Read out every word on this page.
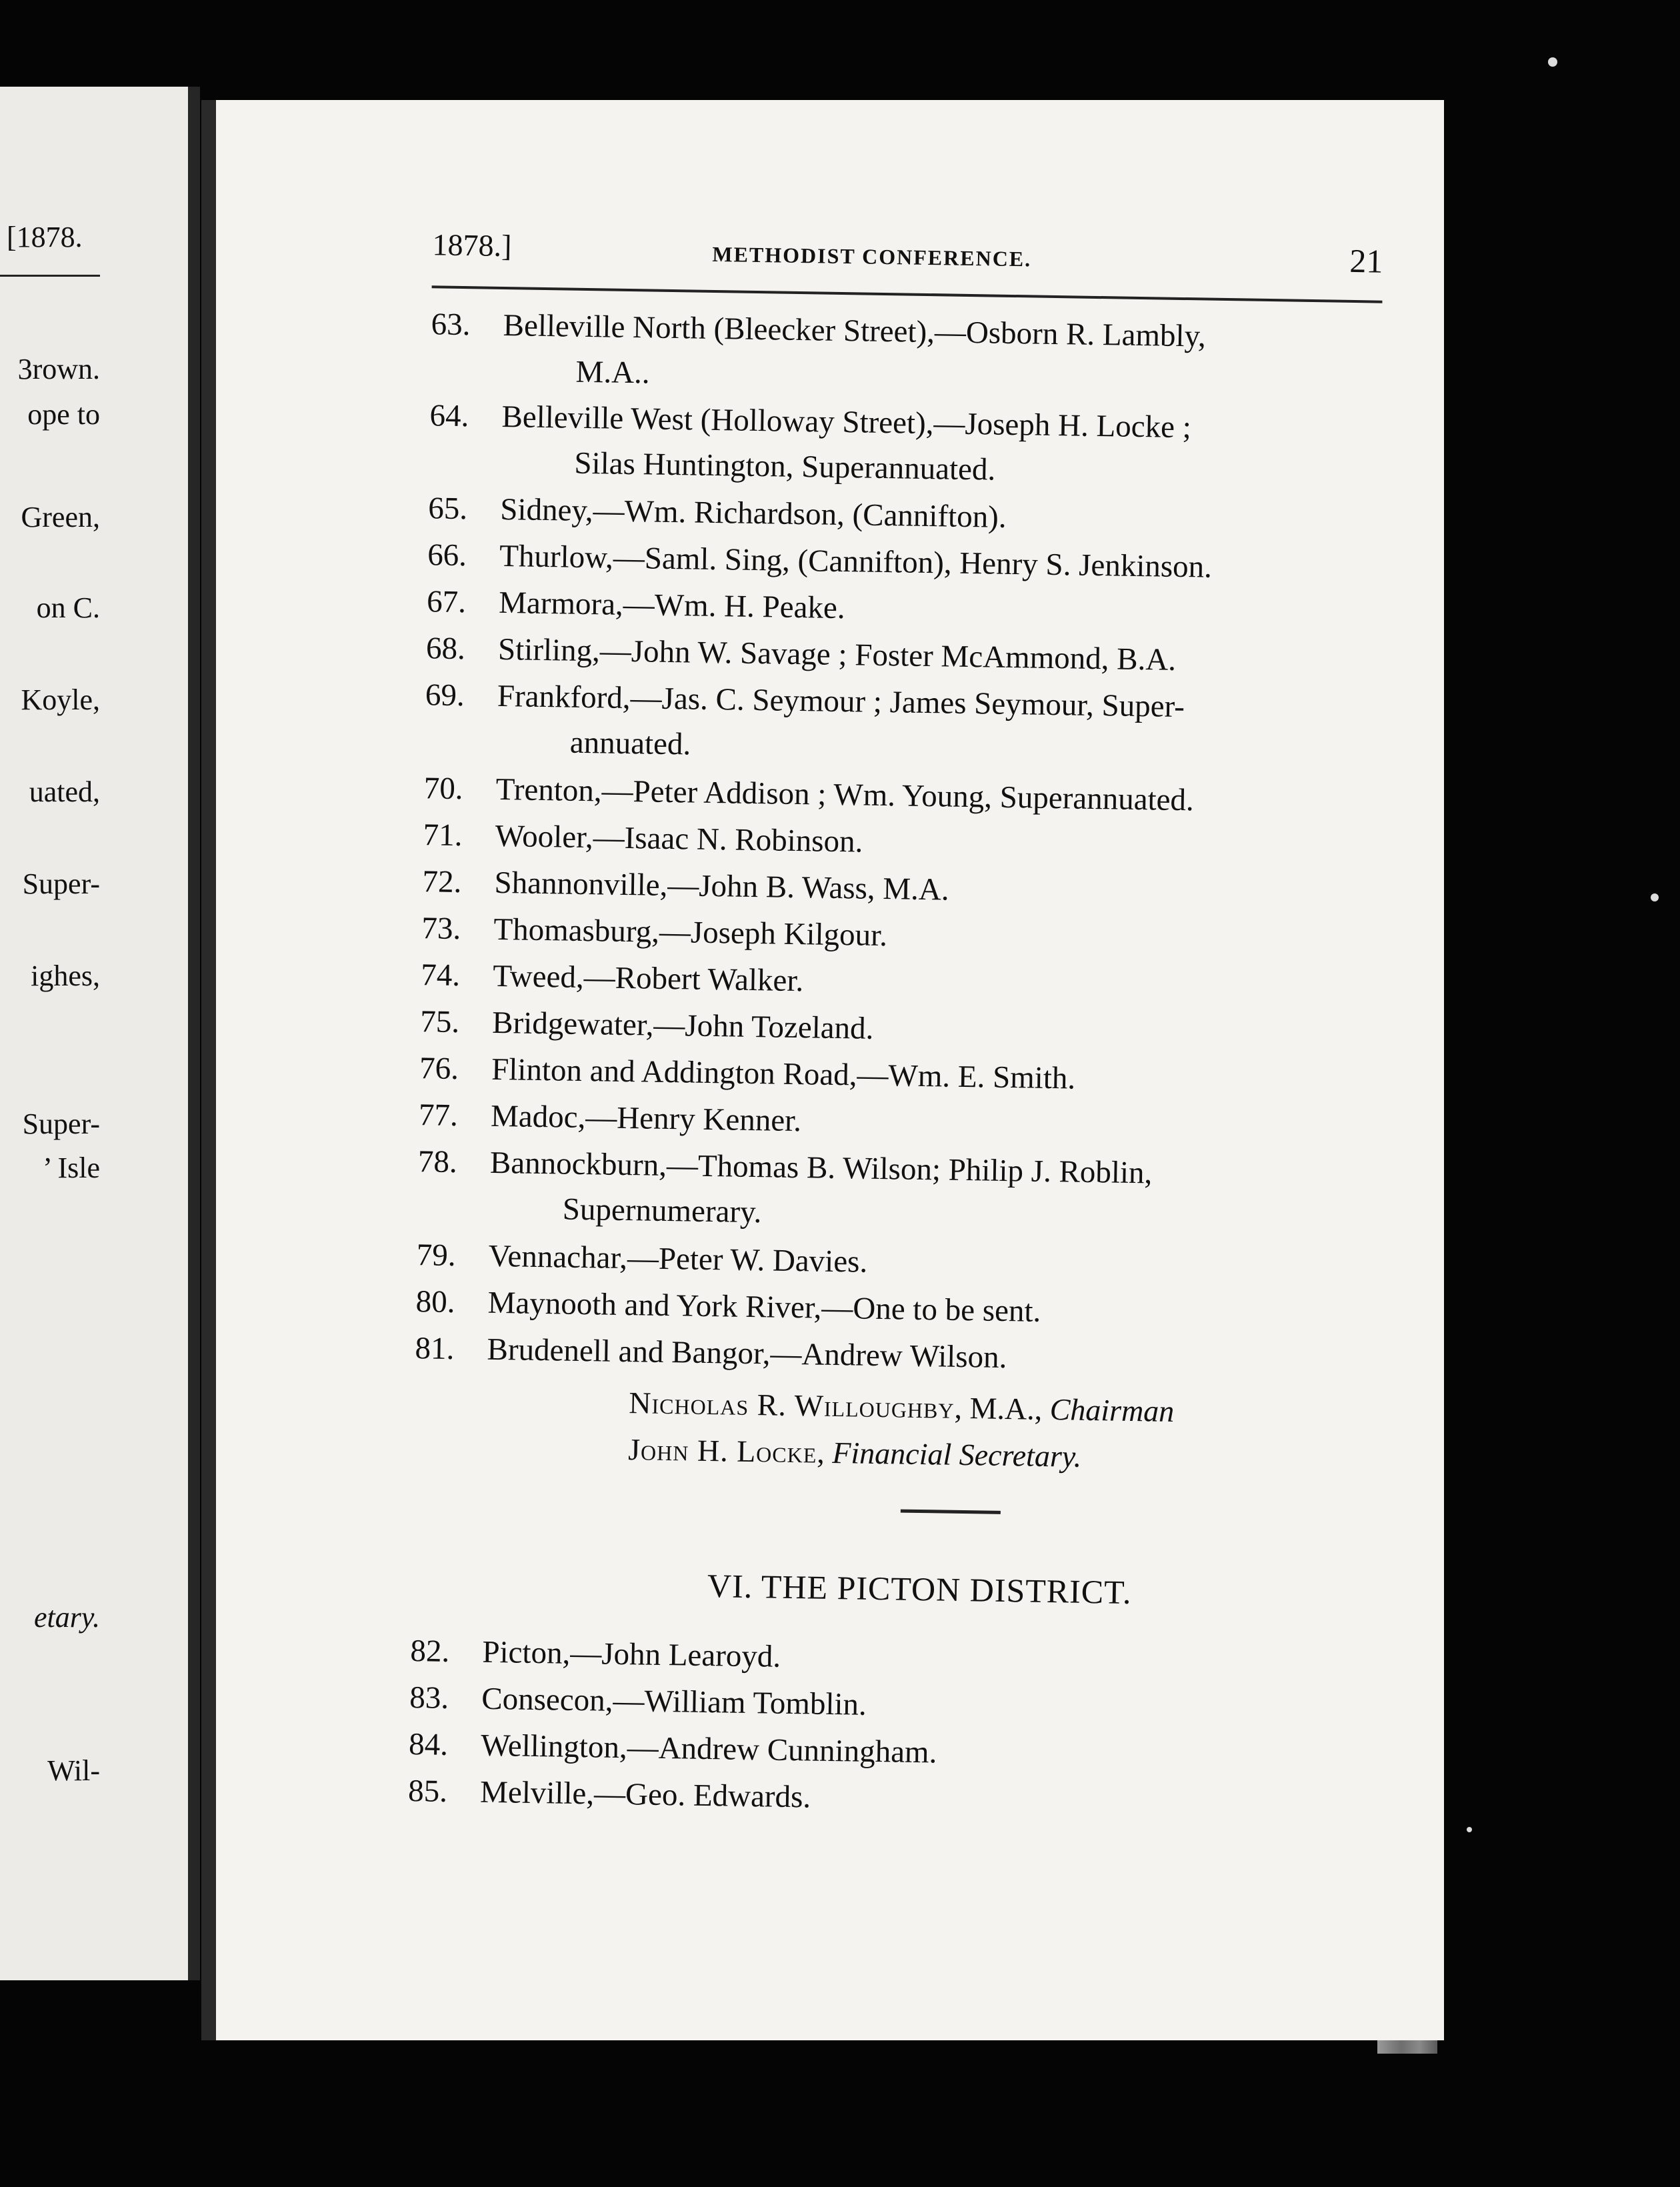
[1878.
3rown.
ope to
Green,
on C.
Koyle,
uated,
Super-
ighes,
Super-
’ Isle
etary.
Wil-
1878.]	METHODIST CONFERENCE.	21
63. Belleville North (Bleecker Street),—Osborn R. Lambly,
M.A..
64. Belleville West (Holloway Street),—Joseph H. Locke ;
Silas Huntington, Superannuated.
65. Sidney,—Wm. Richardson, (Cannifton).
66. Thurlow,—Saml. Sing, (Cannifton), Henry S. Jenkinson.
67. Marmora,—Wm. H. Peake.
68. Stirling,—John W. Savage ; Foster McAmmond, B.A.
69. Frankford,—Jas. C. Seymour ; James Seymour, Super-
annuated.
70. Trenton,—Peter Addison ; Wm. Young, Superannuated.
71. Wooler,—Isaac N. Robinson.
72. Shannonville,—John B. Wass, M.A.
73. Thomasburg,—Joseph Kilgour.
74. Tweed,—Robert Walker.
75. Bridgewater,—John Tozeland.
76. Flinton and Addington Road,—Wm. E. Smith.
77. Madoc,—Henry Kenner.
78. Bannockburn,—Thomas B. Wilson; Philip J. Roblin,
Supernumerary.
79. Vennachar,—Peter W. Davies.
80. Maynooth and York River,—One to be sent.
81. Brudenell and Bangor,—Andrew Wilson.
Nicholas R. Willoughby, M.A., Chairman
John H. Locke, Financial Secretary.
VI. THE PICTON DISTRICT.
82. Picton,—John Learoyd.
83. Consecon,—William Tomblin.
84. Wellington,—Andrew Cunningham.
85. Melville,—Geo. Edwards.
